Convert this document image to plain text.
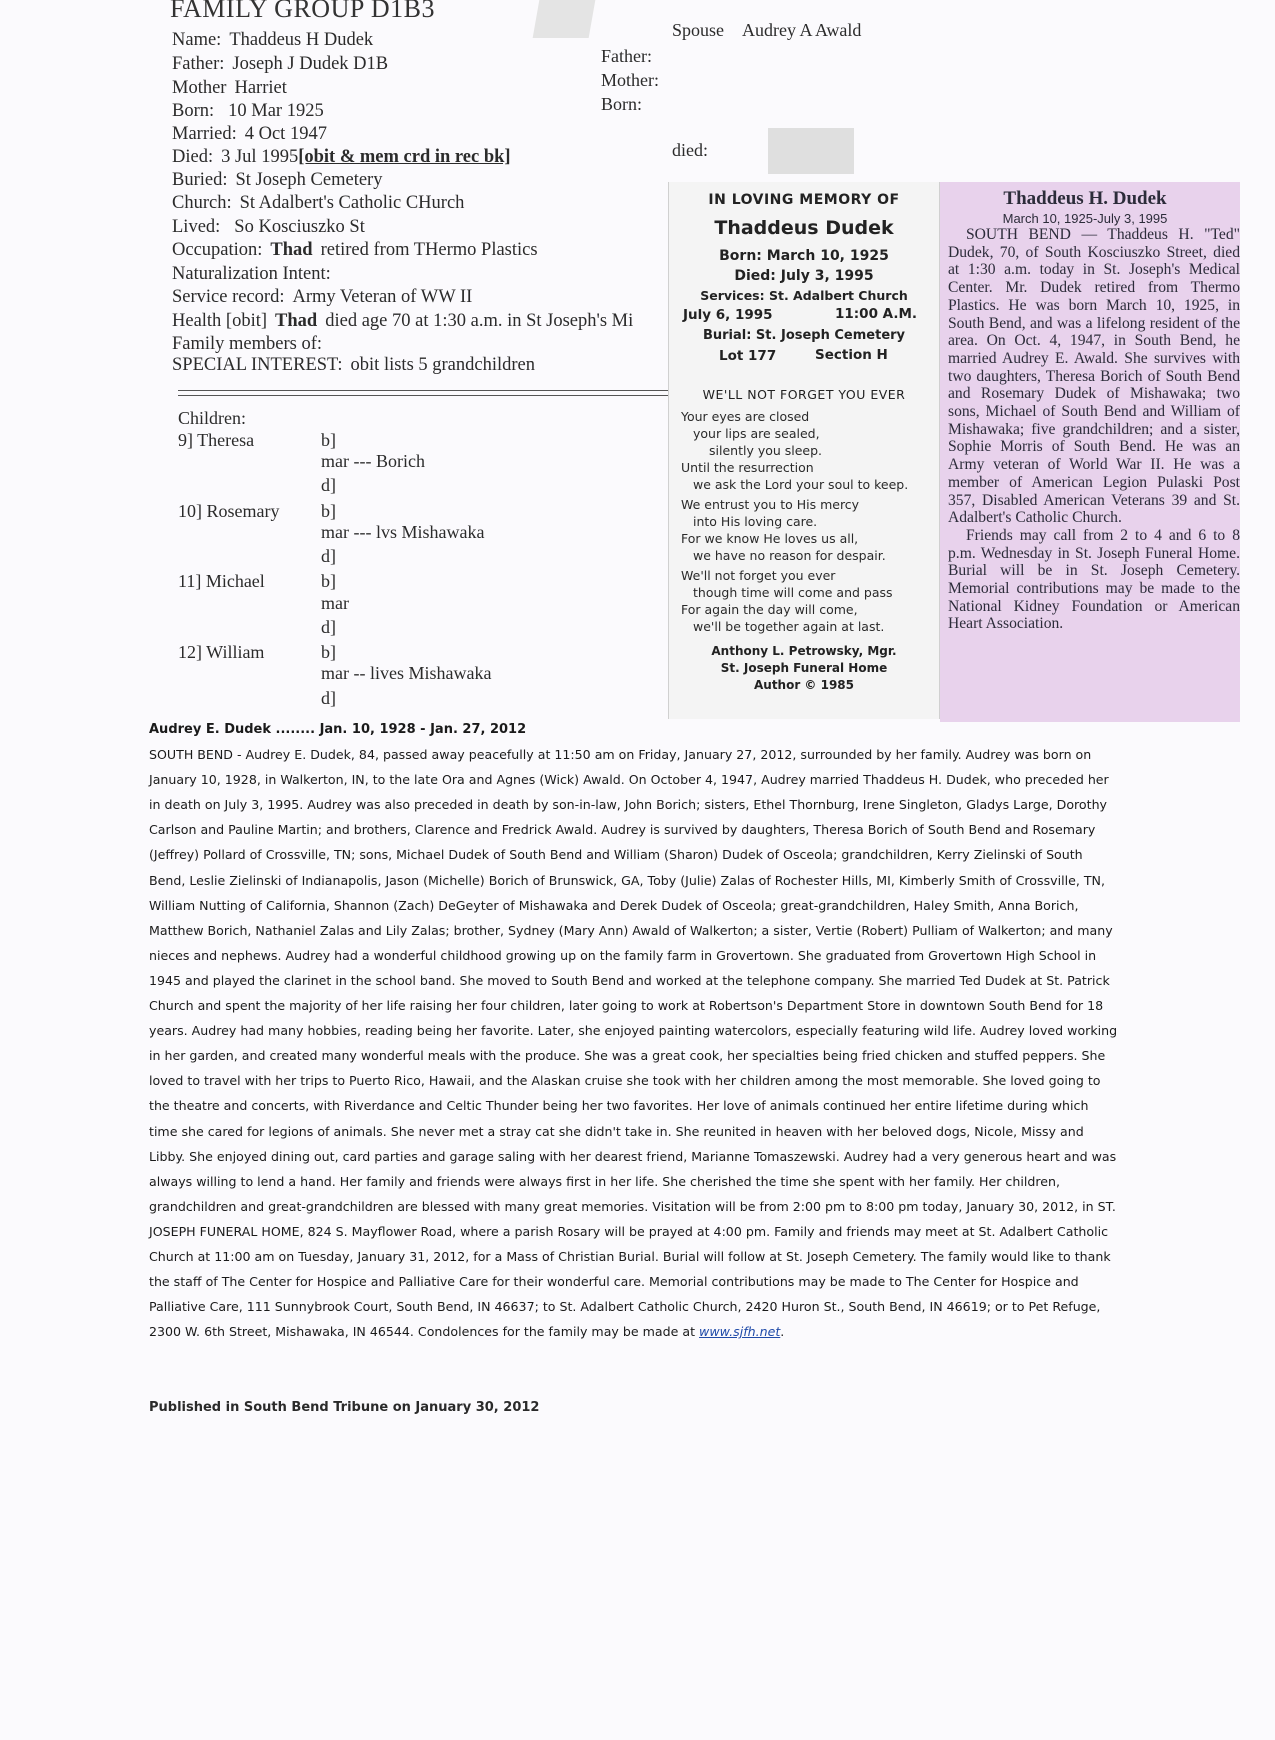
FAMILY GROUP D1B3
Name: Thaddeus H Dudek
Father: Joseph J Dudek D1B
Mother Harriet
Born: 10 Mar 1925
Married: 4 Oct 1947
Died: 3 Jul 1995[obit & mem crd in rec bk]
Buried: St Joseph Cemetery
Church: St Adalbert's Catholic CHurch
Lived: So Kosciuszko St
Occupation: Thad retired from THermo Plastics
Naturalization Intent:
Service record: Army Veteran of WW II
Health [obit] Thad died age 70 at 1:30 a.m. in St Joseph's Mi
Family members of:
SPECIAL INTEREST: obit lists 5 grandchildren
Spouse Audrey A Awald
Father:
Mother:
Born:
died:
Children:
9] Theresa	b]
mar --- Borich
d]
10] Rosemary b]
mar --- lvs Mishawaka
d]
11] Michael	b]
mar
d]
12] William	b]
mar -- lives Mishawaka
d]
IN LOVING MEMORY OF
Thaddeus Dudek
Born: March 10, 1925
Died: July 3, 1995
Services: St. Adalbert Church
July 6, 1995	11:00 A.M.
Burial: St. Joseph Cemetery
Lot 177	Section H
WE'LL NOT FORGET YOU EVER
Your eyes are closed
your lips are sealed,
silently you sleep.
Until the resurrection
we ask the Lord your soul to keep.
We entrust you to His mercy
into His loving care.
For we know He loves us all,
we have no reason for despair.
We'll not forget you ever
though time will come and pass
For again the day will come,
we'll be together again at last.
Anthony L. Petrowsky, Mgr.
St. Joseph Funeral Home
Author © 1985
Thaddeus H. Dudek
March 10, 1925-July 3, 1995

SOUTH BEND — Thaddeus H. "Ted" Dudek, 70, of South Kosciuszko Street, died at 1:30 a.m. today in St. Joseph's Medical Center. Mr. Dudek retired from Thermo Plastics. He was born March 10, 1925, in South Bend, and was a lifelong resident of the area. On Oct. 4, 1947, in South Bend, he married Audrey E. Awald. She survives with two daughters, Theresa Borich of South Bend and Rosemary Dudek of Mishawaka; two sons, Michael of South Bend and William of Mishawaka; five grandchildren; and a sister, Sophie Morris of South Bend. He was an Army veteran of World War II. He was a member of American Legion Pulaski Post 357, Disabled American Veterans 39 and St. Adalbert's Catholic Church.

Friends may call from 2 to 4 and 6 to 8 p.m. Wednesday in St. Joseph Funeral Home. Burial will be in St. Joseph Cemetery. Memorial contributions may be made to the National Kidney Foundation or American Heart Association.

Audrey E. Dudek ........ Jan. 10, 1928 - Jan. 27, 2012
SOUTH BEND - Audrey E. Dudek, 84, passed away peacefully at 11:50 am on Friday, January 27, 2012, surrounded by her family. Audrey was born on January 10, 1928, in Walkerton, IN, to the late Ora and Agnes (Wick) Awald. On October 4, 1947, Audrey married Thaddeus H. Dudek, who preceded her in death on July 3, 1995. Audrey was also preceded in death by son-in-law, John Borich; sisters, Ethel Thornburg, Irene Singleton, Gladys Large, Dorothy Carlson and Pauline Martin; and brothers, Clarence and Fredrick Awald. Audrey is survived by daughters, Theresa Borich of South Bend and Rosemary (Jeffrey) Pollard of Crossville, TN; sons, Michael Dudek of South Bend and William (Sharon) Dudek of Osceola; grandchildren, Kerry Zielinski of South Bend, Leslie Zielinski of Indianapolis, Jason (Michelle) Borich of Brunswick, GA, Toby (Julie) Zalas of Rochester Hills, MI, Kimberly Smith of Crossville, TN, William Nutting of California, Shannon (Zach) DeGeyter of Mishawaka and Derek Dudek of Osceola; great-grandchildren, Haley Smith, Anna Borich, Matthew Borich, Nathaniel Zalas and Lily Zalas; brother, Sydney (Mary Ann) Awald of Walkerton; a sister, Vertie (Robert) Pulliam of Walkerton; and many nieces and nephews. Audrey had a wonderful childhood growing up on the family farm in Grovertown. She graduated from Grovertown High School in 1945 and played the clarinet in the school band. She moved to South Bend and worked at the telephone company. She married Ted Dudek at St. Patrick Church and spent the majority of her life raising her four children, later going to work at Robertson's Department Store in downtown South Bend for 18 years. Audrey had many hobbies, reading being her favorite. Later, she enjoyed painting watercolors, especially featuring wild life. Audrey loved working in her garden, and created many wonderful meals with the produce. She was a great cook, her specialties being fried chicken and stuffed peppers. She loved to travel with her trips to Puerto Rico, Hawaii, and the Alaskan cruise she took with her children among the most memorable. She loved going to the theatre and concerts, with Riverdance and Celtic Thunder being her two favorites. Her love of animals continued her entire lifetime during which time she cared for legions of animals. She never met a stray cat she didn't take in. She reunited in heaven with her beloved dogs, Nicole, Missy and Libby. She enjoyed dining out, card parties and garage saling with her dearest friend, Marianne Tomaszewski. Audrey had a very generous heart and was always willing to lend a hand. Her family and friends were always first in her life. She cherished the time she spent with her family. Her children, grandchildren and great-grandchildren are blessed with many great memories. Visitation will be from 2:00 pm to 8:00 pm today, January 30, 2012, in ST. JOSEPH FUNERAL HOME, 824 S. Mayflower Road, where a parish Rosary will be prayed at 4:00 pm. Family and friends may meet at St. Adalbert Catholic Church at 11:00 am on Tuesday, January 31, 2012, for a Mass of Christian Burial. Burial will follow at St. Joseph Cemetery. The family would like to thank the staff of The Center for Hospice and Palliative Care for their wonderful care. Memorial contributions may be made to The Center for Hospice and Palliative Care, 111 Sunnybrook Court, South Bend, IN 46637; to St. Adalbert Catholic Church, 2420 Huron St., South Bend, IN 46619; or to Pet Refuge, 2300 W. 6th Street, Mishawaka, IN 46544. Condolences for the family may be made at www.sjfh.net.
Published in South Bend Tribune on January 30, 2012
